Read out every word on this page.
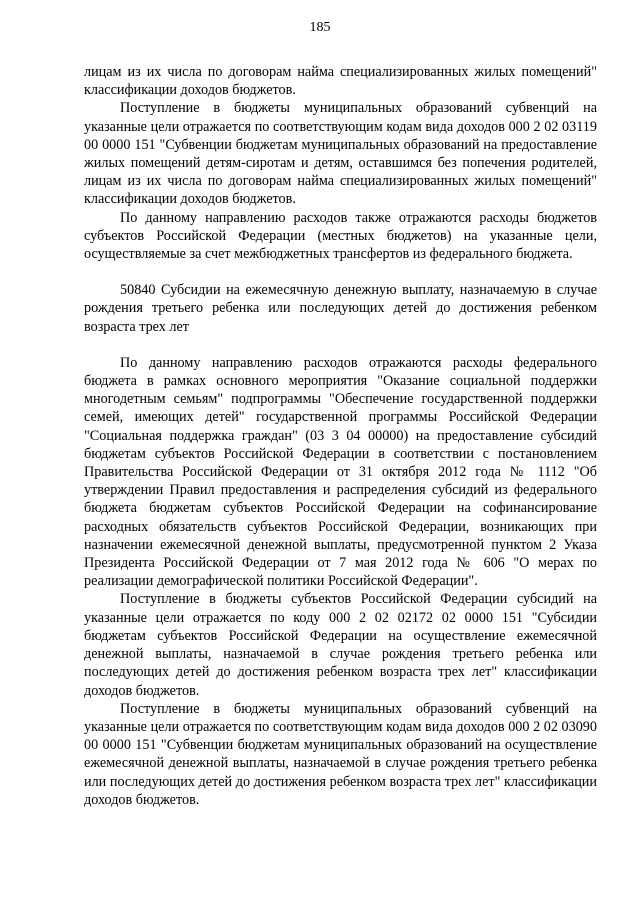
185

лицам из их числа по договорам найма специализированных жилых помещений" классификации доходов бюджетов.

Поступление в бюджеты муниципальных образований субвенций на указанные цели отражается по соответствующим кодам вида доходов 000 2 02 03119 00 0000 151 "Субвенции бюджетам муниципальных образований на предоставление жилых помещений детям-сиротам и детям, оставшимся без попечения родителей, лицам из их числа по договорам найма специализированных жилых помещений" классификации доходов бюджетов.

По данному направлению расходов также отражаются расходы бюджетов субъектов Российской Федерации (местных бюджетов) на указанные цели, осуществляемые за счет межбюджетных трансфертов из федерального бюджета.

50840 Субсидии на ежемесячную денежную выплату, назначаемую в случае рождения третьего ребенка или последующих детей до достижения ребенком возраста трех лет

По данному направлению расходов отражаются расходы федерального бюджета в рамках основного мероприятия "Оказание социальной поддержки многодетным семьям" подпрограммы "Обеспечение государственной поддержки семей, имеющих детей" государственной программы Российской Федерации "Социальная поддержка граждан" (03 3 04 00000) на предоставление субсидий бюджетам субъектов Российской Федерации в соответствии с постановлением Правительства Российской Федерации от 31 октября 2012 года № 1112 "Об утверждении Правил предоставления и распределения субсидий из федерального бюджета бюджетам субъектов Российской Федерации на софинансирование расходных обязательств субъектов Российской Федерации, возникающих при назначении ежемесячной денежной выплаты, предусмотренной пунктом 2 Указа Президента Российской Федерации от 7 мая 2012 года № 606 "О мерах по реализации демографической политики Российской Федерации".

Поступление в бюджеты субъектов Российской Федерации субсидий на указанные цели отражается по коду 000 2 02 02172 02 0000 151 "Субсидии бюджетам субъектов Российской Федерации на осуществление ежемесячной денежной выплаты, назначаемой в случае рождения третьего ребенка или последующих детей до достижения ребенком возраста трех лет" классификации доходов бюджетов.

Поступление в бюджеты муниципальных образований субвенций на указанные цели отражается по соответствующим кодам вида доходов 000 2 02 03090 00 0000 151 "Субвенции бюджетам муниципальных образований на осуществление ежемесячной денежной выплаты, назначаемой в случае рождения третьего ребенка или последующих детей до достижения ребенком возраста трех лет" классификации доходов бюджетов.
